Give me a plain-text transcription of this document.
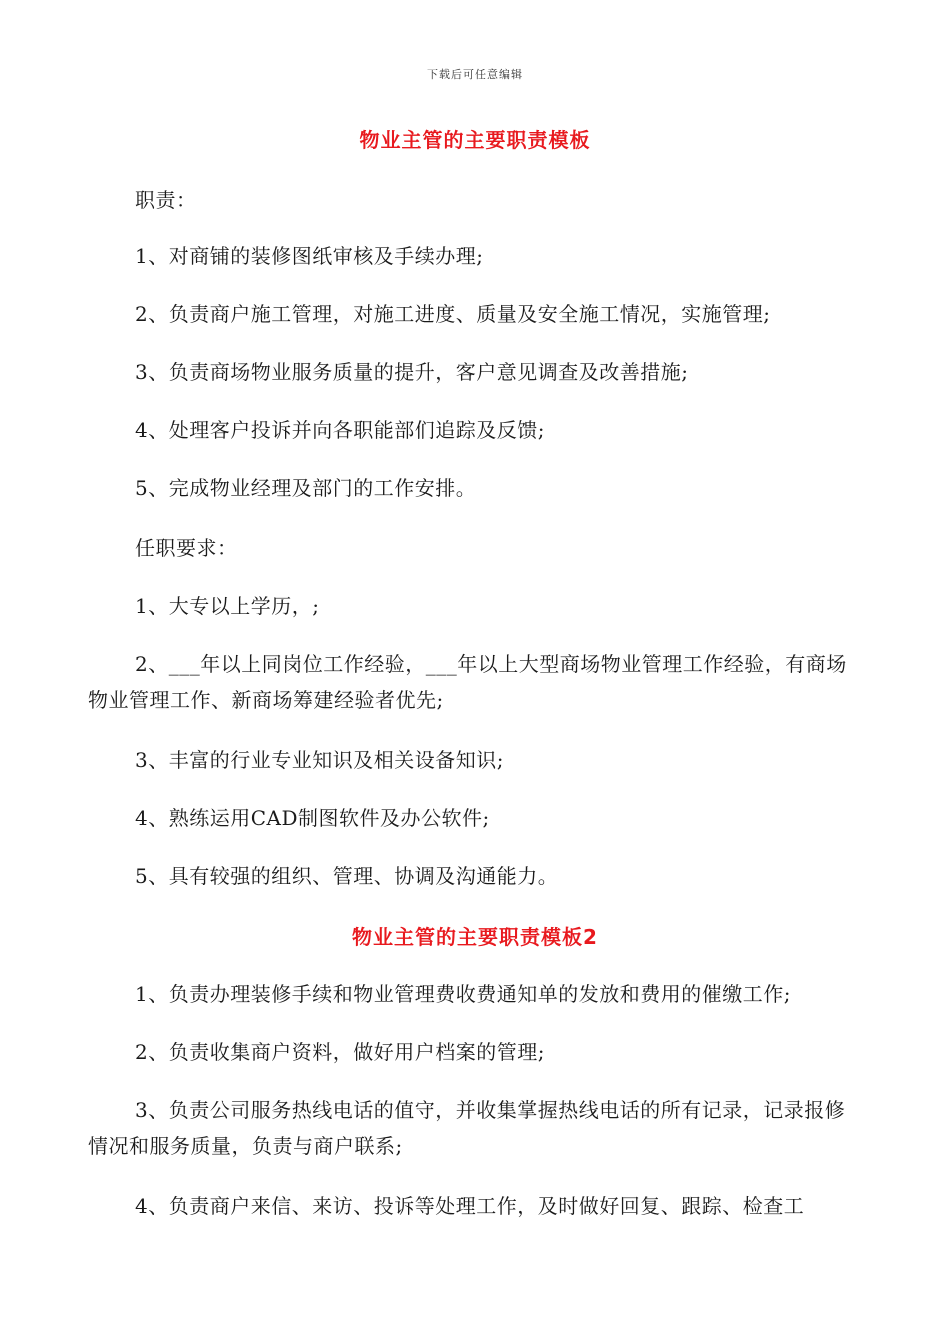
下载后可任意编辑
物业主管的主要职责模板
职责：
1、对商铺的装修图纸审核及手续办理;
2、负责商户施工管理，对施工进度、质量及安全施工情况，实施管理;
3、负责商场物业服务质量的提升，客户意见调查及改善措施;
4、处理客户投诉并向各职能部们追踪及反馈;
5、完成物业经理及部门的工作安排。
任职要求：
1、大专以上学历，;
2、___年以上同岗位工作经验，___年以上大型商场物业管理工作经验，有商场物业管理工作、新商场筹建经验者优先;
3、丰富的行业专业知识及相关设备知识;
4、熟练运用CAD制图软件及办公软件;
5、具有较强的组织、管理、协调及沟通能力。
物业主管的主要职责模板2
1、负责办理装修手续和物业管理费收费通知单的发放和费用的催缴工作;
2、负责收集商户资料，做好用户档案的管理;
3、负责公司服务热线电话的值守，并收集掌握热线电话的所有记录，记录报修 情况和服务质量，负责与商户联系;
4、负责商户来信、来访、投诉等处理工作，及时做好回复、跟踪、检查工
